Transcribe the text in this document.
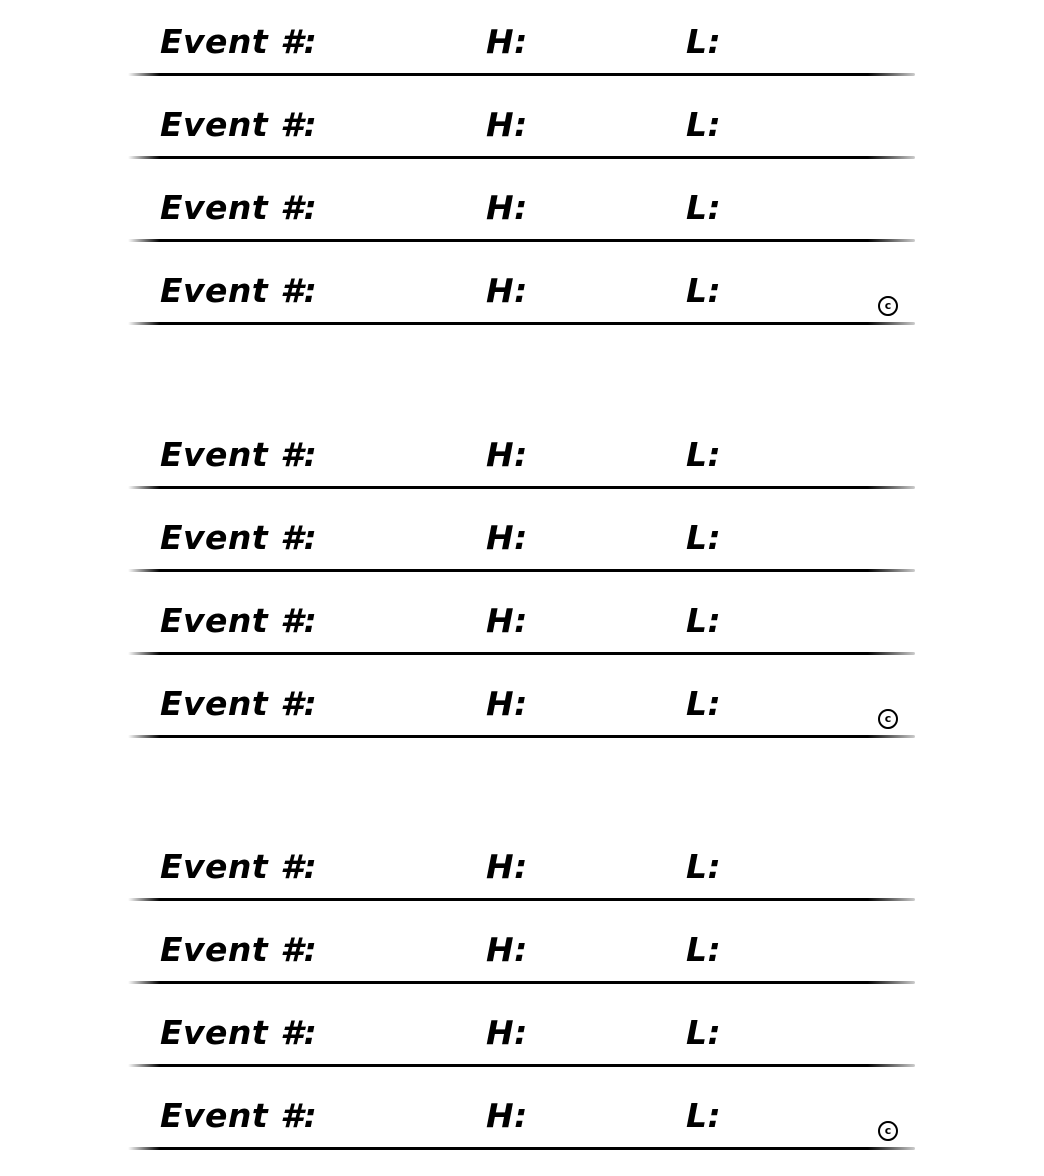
Event #:	H:	L:
Event #:	H:	L:
Event #:	H:	L:
Event #:	H:	L:	c
Event #:	H:	L:
Event #:	H:	L:
Event #:	H:	L:
Event #:	H:	L:	c
Event #:	H:	L:
Event #:	H:	L:
Event #:	H:	L:
Event #:	H:	L:	c
